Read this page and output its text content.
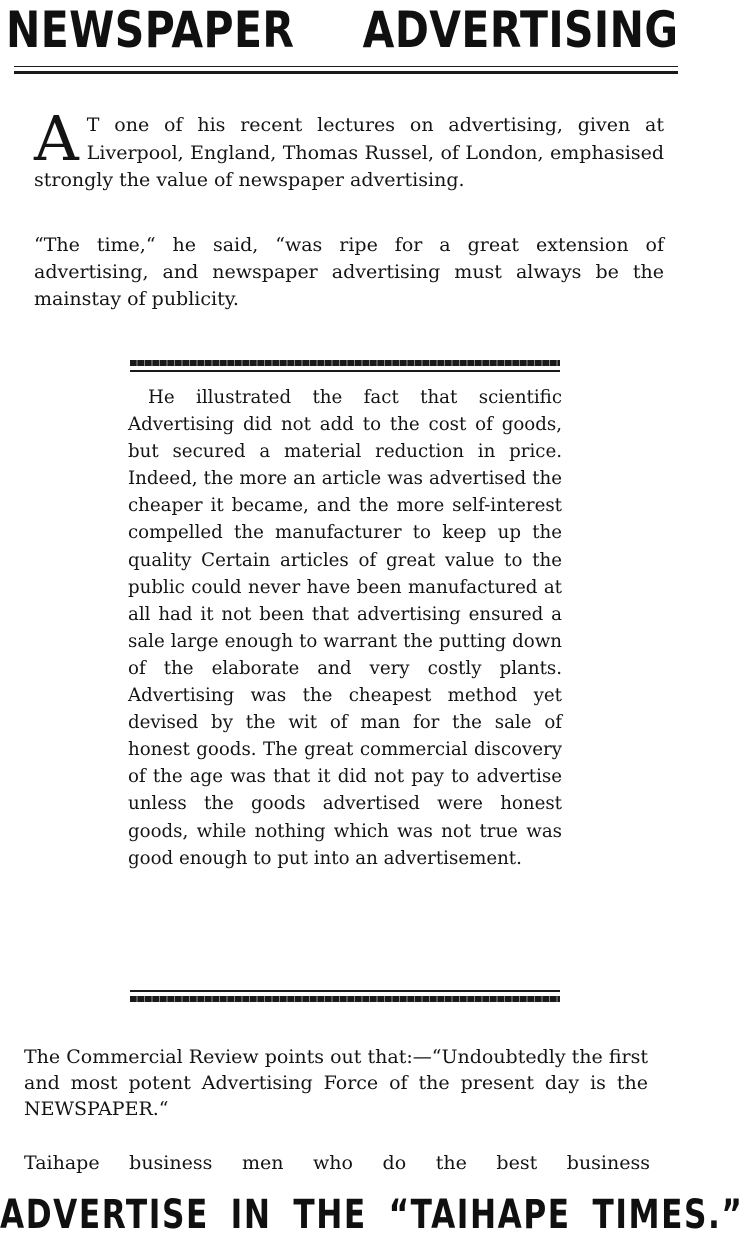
NEWSPAPER ADVERTISING

A T one of his recent lectures on advertising, given at Liverpool, England, Thomas Russel, of London, emphasised strongly the value of newspaper advertising.

“The time,“ he said, “was ripe for a great extension of advertising, and newspaper advertising must always be the mainstay of publicity.

He illustrated the fact that scientific Advertising did not add to the cost of goods, but secured a material reduction in price. Indeed, the more an article was advertised the cheaper it became, and the more self-interest compelled the manufacturer to keep up the quality Certain articles of great value to the public could never have been manufactured at all had it not been that advertising ensured a sale large enough to warrant the putting down of the elaborate and very costly plants. Advertising was the cheapest method yet devised by the wit of man for the sale of honest goods. The great commercial discovery of the age was that it did not pay to advertise unless the goods advertised were honest goods, while nothing which was not true was good enough to put into an advertisement.

The Commercial Review points out that:—“Undoubtedly the first and most potent Advertising Force of the present day is the NEWSPAPER.“

Taihape business men who do the best business

ADVERTISE IN THE “TAIHAPE TIMES.”
